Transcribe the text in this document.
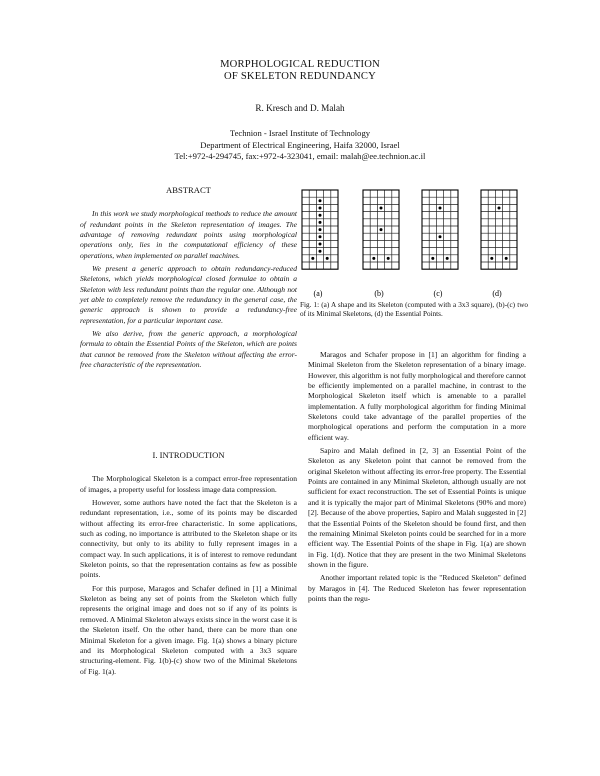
MORPHOLOGICAL REDUCTION
OF SKELETON REDUNDANCY
R. Kresch and D. Malah
Technion - Israel Institute of Technology
Department of Electrical Engineering, Haifa 32000, Israel
Tel:+972-4-294745, fax:+972-4-323041, email: malah@ee.technion.ac.il

ABSTRACT

In this work we study morphological methods to reduce the amount of redundant points in the Skeleton representation of images. The advantage of removing redundant points using morphological operations only, lies in the computational efficiency of these operations, when implemented on parallel machines.

We present a generic approach to obtain redundancy-reduced Skeletons, which yields morphological closed formulae to obtain a Skeleton with less redundant points than the regular one. Although not yet able to completely remove the redundancy in the general case, the generic approach is shown to provide a redundancy-free representation, for a particular important case.

We also derive, from the generic approach, a morphological formula to obtain the Essential Points of the Skeleton, which are points that cannot be removed from the Skeleton without affecting the error-free characteristic of the representation.

I. INTRODUCTION

The Morphological Skeleton is a compact error-free representation of images, a property useful for lossless image data compression.

However, some authors have noted the fact that the Skeleton is a redundant representation, i.e., some of its points may be discarded without affecting its error-free characteristic. In some applications, such as coding, no importance is attributed to the Skeleton shape or its connectivity, but only to its ability to fully represent images in a compact way. In such applications, it is of interest to remove redundant Skeleton points, so that the representation contains as few as possible points.

For this purpose, Maragos and Schafer defined in [1] a Minimal Skeleton as being any set of points from the Skeleton which fully represents the original image and does not so if any of its points is removed. A Minimal Skeleton always exists since in the worst case it is the Skeleton itself. On the other hand, there can be more than one Minimal Skeleton for a given image. Fig. 1(a) shows a binary picture and its Morphological Skeleton computed with a 3x3 square structuring-element. Fig. 1(b)-(c) show two of the Minimal Skeletons of Fig. 1(a).

(a)	(b)	(c)	(d)
Fig. 1: (a) A shape and its Skeleton (computed with a 3x3 square), (b)-(c) two of its Minimal Skeletons, (d) the Essential Points.

Maragos and Schafer propose in [1] an algorithm for finding a Minimal Skeleton from the Skeleton representation of a binary image. However, this algorithm is not fully morphological and therefore cannot be efficiently implemented on a parallel machine, in contrast to the Morphological Skeleton itself which is amenable to a parallel implementation. A fully morphological algorithm for finding Minimal Skeletons could take advantage of the parallel properties of the morphological operations and perform the computation in a more efficient way.

Sapiro and Malah defined in [2, 3] an Essential Point of the Skeleton as any Skeleton point that cannot be removed from the original Skeleton without affecting its error-free property. The Essential Points are contained in any Minimal Skeleton, although usually are not sufficient for exact reconstruction. The set of Essential Points is unique and it is typically the major part of Minimal Skeletons (90% and more) [2]. Because of the above properties, Sapiro and Malah suggested in [2] that the Essential Points of the Skeleton should be found first, and then the remaining Minimal Skeleton points could be searched for in a more efficient way. The Essential Points of the shape in Fig. 1(a) are shown in Fig. 1(d). Notice that they are present in the two Minimal Skeletons shown in the figure.

Another important related topic is the "Reduced Skeleton" defined by Maragos in [4]. The Reduced Skeleton has fewer representation points than the regu-
